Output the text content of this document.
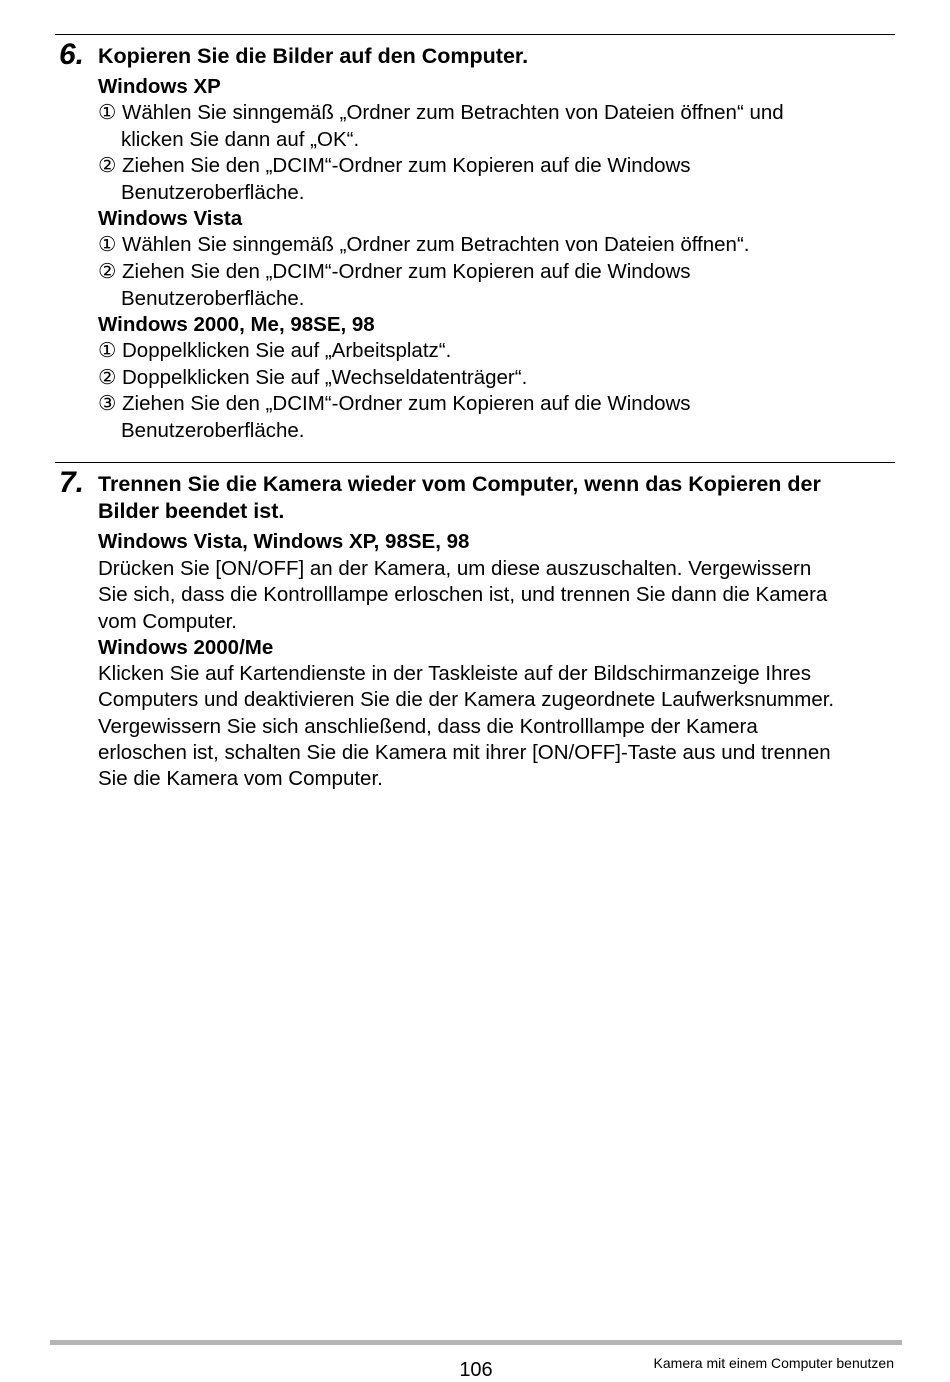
6. Kopieren Sie die Bilder auf den Computer.
Windows XP
① Wählen Sie sinngemäß „Ordner zum Betrachten von Dateien öffnen“ und
klicken Sie dann auf „OK“.
② Ziehen Sie den „DCIM“-Ordner zum Kopieren auf die Windows
Benutzeroberfläche.
Windows Vista
① Wählen Sie sinngemäß „Ordner zum Betrachten von Dateien öffnen“.
② Ziehen Sie den „DCIM“-Ordner zum Kopieren auf die Windows
Benutzeroberfläche.
Windows 2000, Me, 98SE, 98
① Doppelklicken Sie auf „Arbeitsplatz“.
② Doppelklicken Sie auf „Wechseldatenträger“.
③ Ziehen Sie den „DCIM“-Ordner zum Kopieren auf die Windows
Benutzeroberfläche.
7. Trennen Sie die Kamera wieder vom Computer, wenn das Kopieren der
Bilder beendet ist.
Windows Vista, Windows XP, 98SE, 98
Drücken Sie [ON/OFF] an der Kamera, um diese auszuschalten. Vergewissern
Sie sich, dass die Kontrolllampe erloschen ist, und trennen Sie dann die Kamera
vom Computer.
Windows 2000/Me
Klicken Sie auf Kartendienste in der Taskleiste auf der Bildschirmanzeige Ihres
Computers und deaktivieren Sie die der Kamera zugeordnete Laufwerksnummer.
Vergewissern Sie sich anschließend, dass die Kontrolllampe der Kamera
erloschen ist, schalten Sie die Kamera mit ihrer [ON/OFF]-Taste aus und trennen
Sie die Kamera vom Computer.
106	Kamera mit einem Computer benutzen
